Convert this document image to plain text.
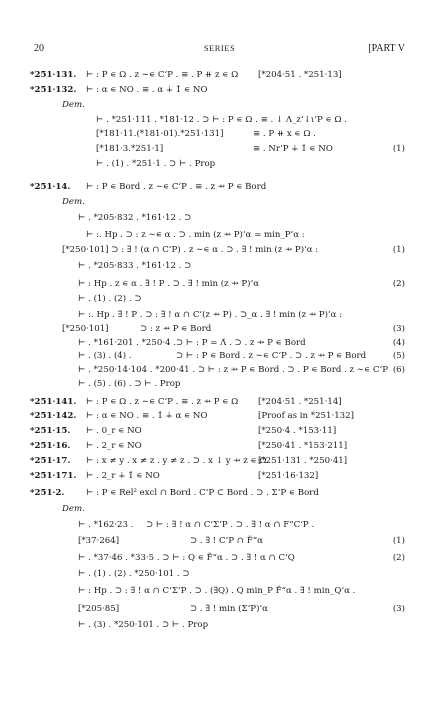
20	SERIES	[PART V
*251·131. ⊢ : P ∊ Ω . z ∼∊ C‘P . ≡ . P ⧺ z ∊ Ω [*204·51 . *251·13]
*251·132. ⊢ : α ∊ NO . ≡ . α ∔ 1̇ ∊ NO
Dem.
⊢ . *251·111 . *181·12 . ⊃ ⊢ : P ∊ Ω . ≡ . ↓ Λ_z‘↓ι‘P ∊ Ω .
[*181·11.(*181·01).*251·131]	≡ . P ⧺ x ∊ Ω .
[*181·3.*251·1]	≡ . Nr‘P ∔ 1̇ ∊ NO	(1)
⊢ . (1) . *251·1 . ⊃ ⊢ . Prop
*251·14. ⊢ : P ∊ Bord . z ∼∊ C‘P . ≡ . z ⇸ P ∊ Bord
Dem.
⊢ . *205·832 . *161·12 . ⊃
⊢ :. Hp . ⊃ : z ∼∊ α . ⊃ . min (z ⇸ P)‘α = min_P‘α :
[*250·101] ⊃ : ∃ ! (α ∩ C‘P) . z ∼∊ α . ⊃ . ∃ ! min (z ⇸ P)‘α :	(1)
⊢ . *205·833 . *161·12 . ⊃
⊢ : Hp . z ∊ α . ∃̇ ! P . ⊃ . ∃ ! min (z ⇸ P)‘α	(2)
⊢ . (1) . (2) . ⊃
⊢ :. Hp . ∃̇ ! P . ⊃ : ∃ ! α ∩ C‘(z ⇸ P) . ⊃_α . ∃ ! min (z ⇸ P)‘α :
[*250·101]	⊃ : z ⇸ P ∊ Bord	(3)
⊢ . *161·201 . *250·4 . ⊃ ⊢ : P = Λ̇ . ⊃ . z ⇸ P ∊ Bord	(4)
⊢ . (3) . (4) .	⊃ ⊢ : P ∊ Bord . z ∼∊ C‘P . ⊃ . z ⇸ P ∊ Bord	(5)
⊢ . *250·14·104 . *200·41 . ⊃ ⊢ : z ⇸ P ∊ Bord . ⊃ . P ∊ Bord . z ∼∊ C‘P (6)
⊢ . (5) . (6) . ⊃ ⊢ . Prop
*251·141. ⊢ : P ∊ Ω . z ∼∊ C‘P . ≡ . z ⇸ P ∊ Ω [*204·51 . *251·14]
*251·142. ⊢ : α ∊ NO . ≡ . 1̇ ∔ α ∊ NO	[Proof as in *251·132]
*251·15. ⊢ . 0_r ∊ NO	[*250·4 . *153·11]
*251·16. ⊢ . 2_r ∊ NO	[*250·41 . *153·211]
*251·17. ⊢ : x ≠ y . x ≠ z . y ≠ z . ⊃ . x ↓ y ⇸ z ∊ Ω
[*251·131 . *250·41]
*251·171. ⊢ . 2_r ∔ 1̇ ∊ NO	[*251·16·132]
*251·2.	⊢ : P ∊ Rel² excl ∩ Bord . C‘P ⊂ Bord . ⊃ . Σ‘P ∊ Bord
Dem.
⊢ . *162·23 . ⊃ ⊢ : ∃ ! α ∩ C‘Σ‘P . ⊃ . ∃ ! α ∩ F“C‘P .
[*37·264]	⊃ . ∃ ! C‘P ∩ F̆“α	(1)
⊢ . *37·46 . *33·5 . ⊃ ⊢ : Q ∊ F̆“α . ⊃ . ∃ ! α ∩ C‘Q	(2)
⊢ . (1) . (2) . *250·101 . ⊃
⊢ : Hp . ⊃ : ∃ ! α ∩ C‘Σ‘P . ⊃ . (∃Q) . Q min_P F̆“α . ∃ ! min_Q‘α .
[*205·85]	⊃ . ∃ ! min (Σ‘P)‘α	(3)
⊢ . (3) . *250·101 . ⊃ ⊢ . Prop
